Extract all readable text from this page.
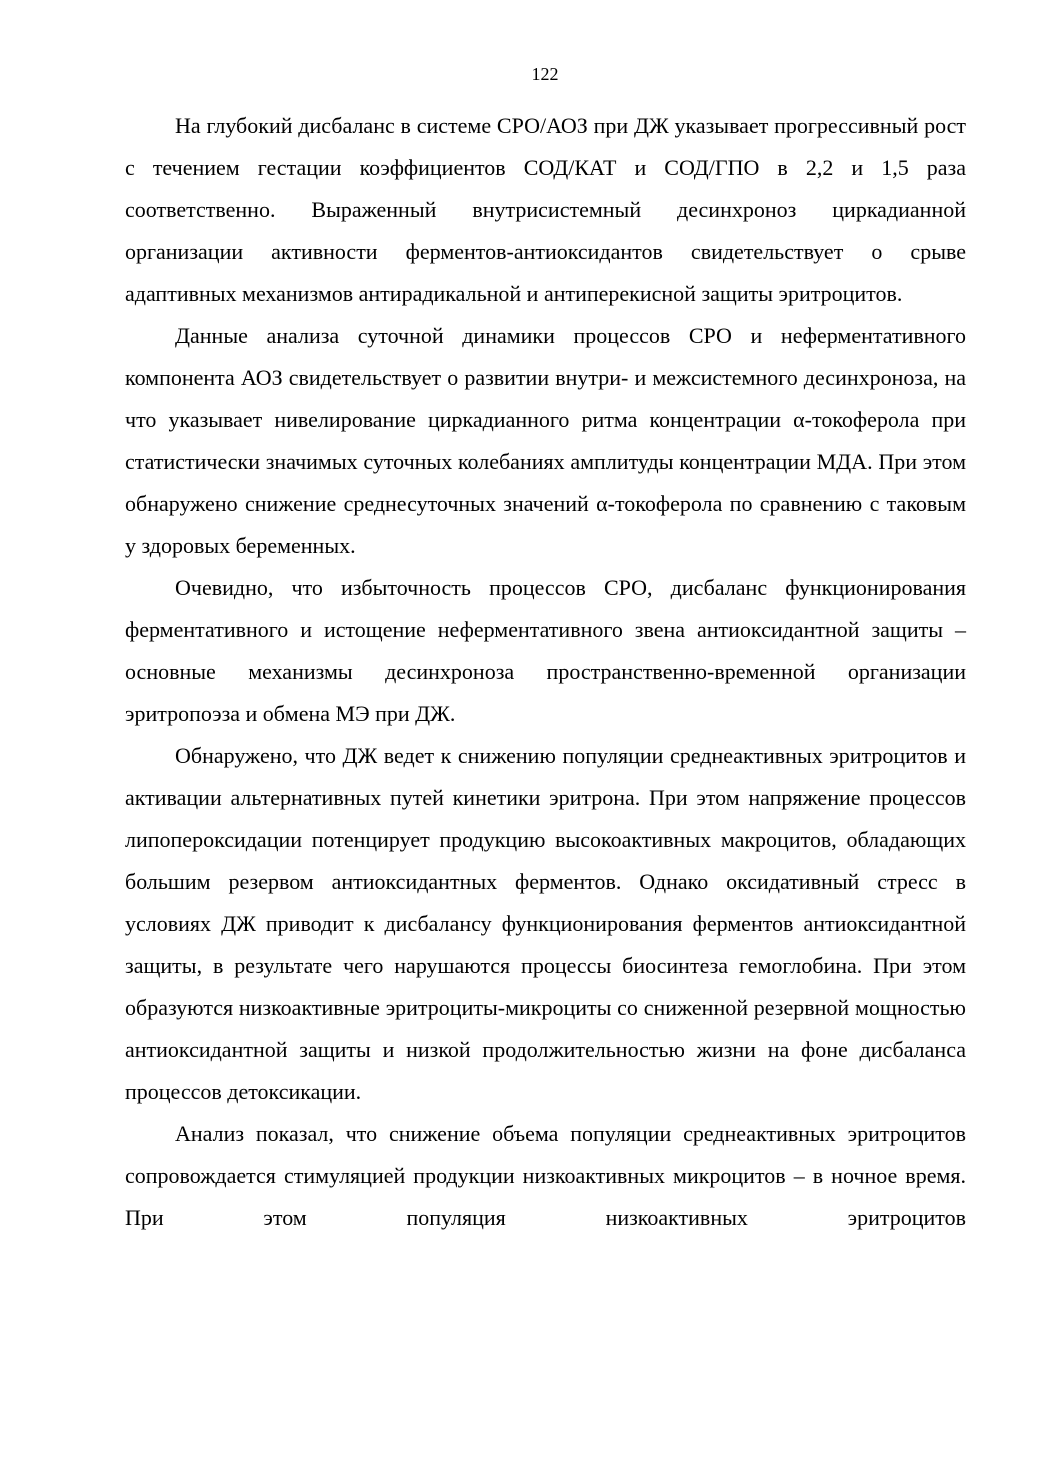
122

На глубокий дисбаланс в системе СРО/АОЗ при ДЖ указывает прогрессивный рост с течением гестации коэффициентов СОД/КАТ и СОД/ГПО в 2,2 и 1,5 раза соответственно. Выраженный внутрисистемный десинхроноз циркадианной организации активности ферментов-антиоксидантов свидетельствует о срыве адаптивных механизмов антирадикальной и антиперекисной защиты эритроцитов.

Данные анализа суточной динамики процессов СРО и неферментативного компонента АОЗ свидетельствует о развитии внутри- и межсистемного десинхроноза, на что указывает нивелирование циркадианного ритма концентрации α-токоферола при статистически значимых суточных колебаниях амплитуды концентрации МДА. При этом обнаружено снижение среднесуточных значений α-токоферола по сравнению с таковым у здоровых беременных.

Очевидно, что избыточность процессов СРО, дисбаланс функционирования ферментативного и истощение неферментативного звена антиоксидантной защиты – основные механизмы десинхроноза пространственно-временной организации эритропоэза и обмена МЭ при ДЖ.

Обнаружено, что ДЖ ведет к снижению популяции среднеактивных эритроцитов и активации альтернативных путей кинетики эритрона. При этом напряжение процессов липопероксидации потенцирует продукцию высокоактивных макроцитов, обладающих большим резервом антиоксидантных ферментов. Однако оксидативный стресс в условиях ДЖ приводит к дисбалансу функционирования ферментов антиоксидантной защиты, в результате чего нарушаются процессы биосинтеза гемоглобина. При этом образуются низкоактивные эритроциты-микроциты со сниженной резервной мощностью антиоксидантной защиты и низкой продолжительностью жизни на фоне дисбаланса процессов детоксикации.

Анализ показал, что снижение объема популяции среднеактивных эритроцитов сопровождается стимуляцией продукции низкоактивных микроцитов – в ночное время. При этом популяция низкоактивных эритроцитов
